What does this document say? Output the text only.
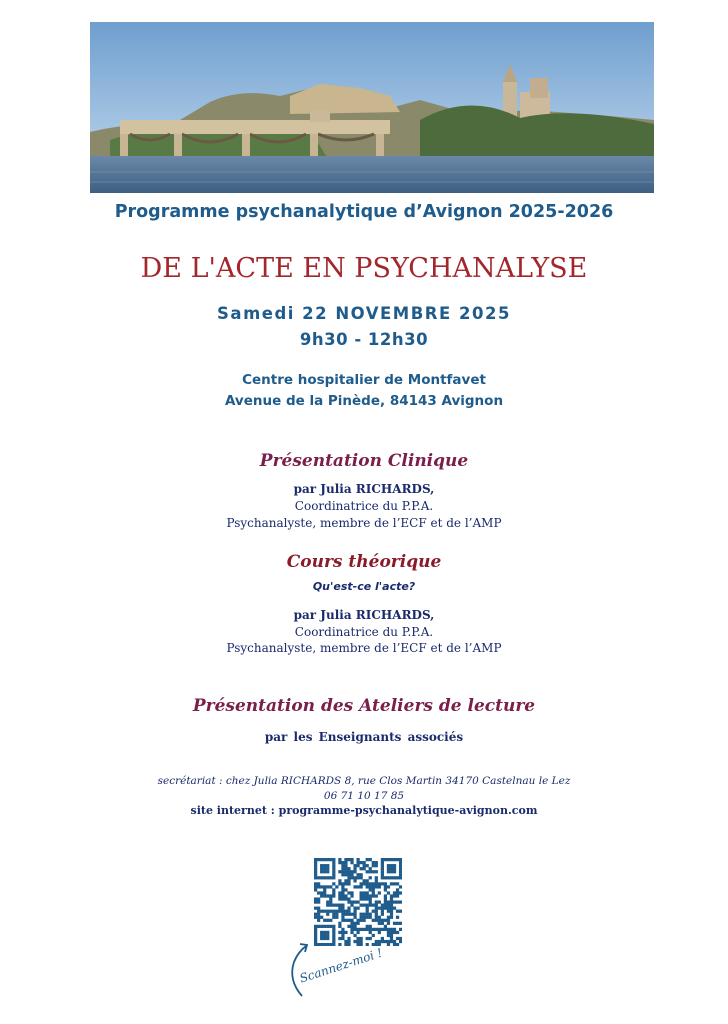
Programme psychanalytique d’Avignon 2025-2026
DE L'ACTE EN PSYCHANALYSE
Samedi 22 NOVEMBRE 2025
9h30 - 12h30
Centre hospitalier de Montfavet
Avenue de la Pinède, 84143 Avignon
Présentation Clinique
par Julia RICHARDS,
Coordinatrice du P.P.A.
Psychanalyste, membre de l’ECF et de l’AMP
Cours théorique
Qu'est-ce l'acte?
par Julia RICHARDS,
Coordinatrice du P.P.A.
Psychanalyste, membre de l’ECF et de l’AMP
Présentation des Ateliers de lecture
par les Enseignants associés
secrétariat : chez Julia RICHARDS 8, rue Clos Martin 34170 Castelnau le Lez
06 71 10 17 85
site internet : programme-psychanalytique-avignon.com
Scannez-moi !
